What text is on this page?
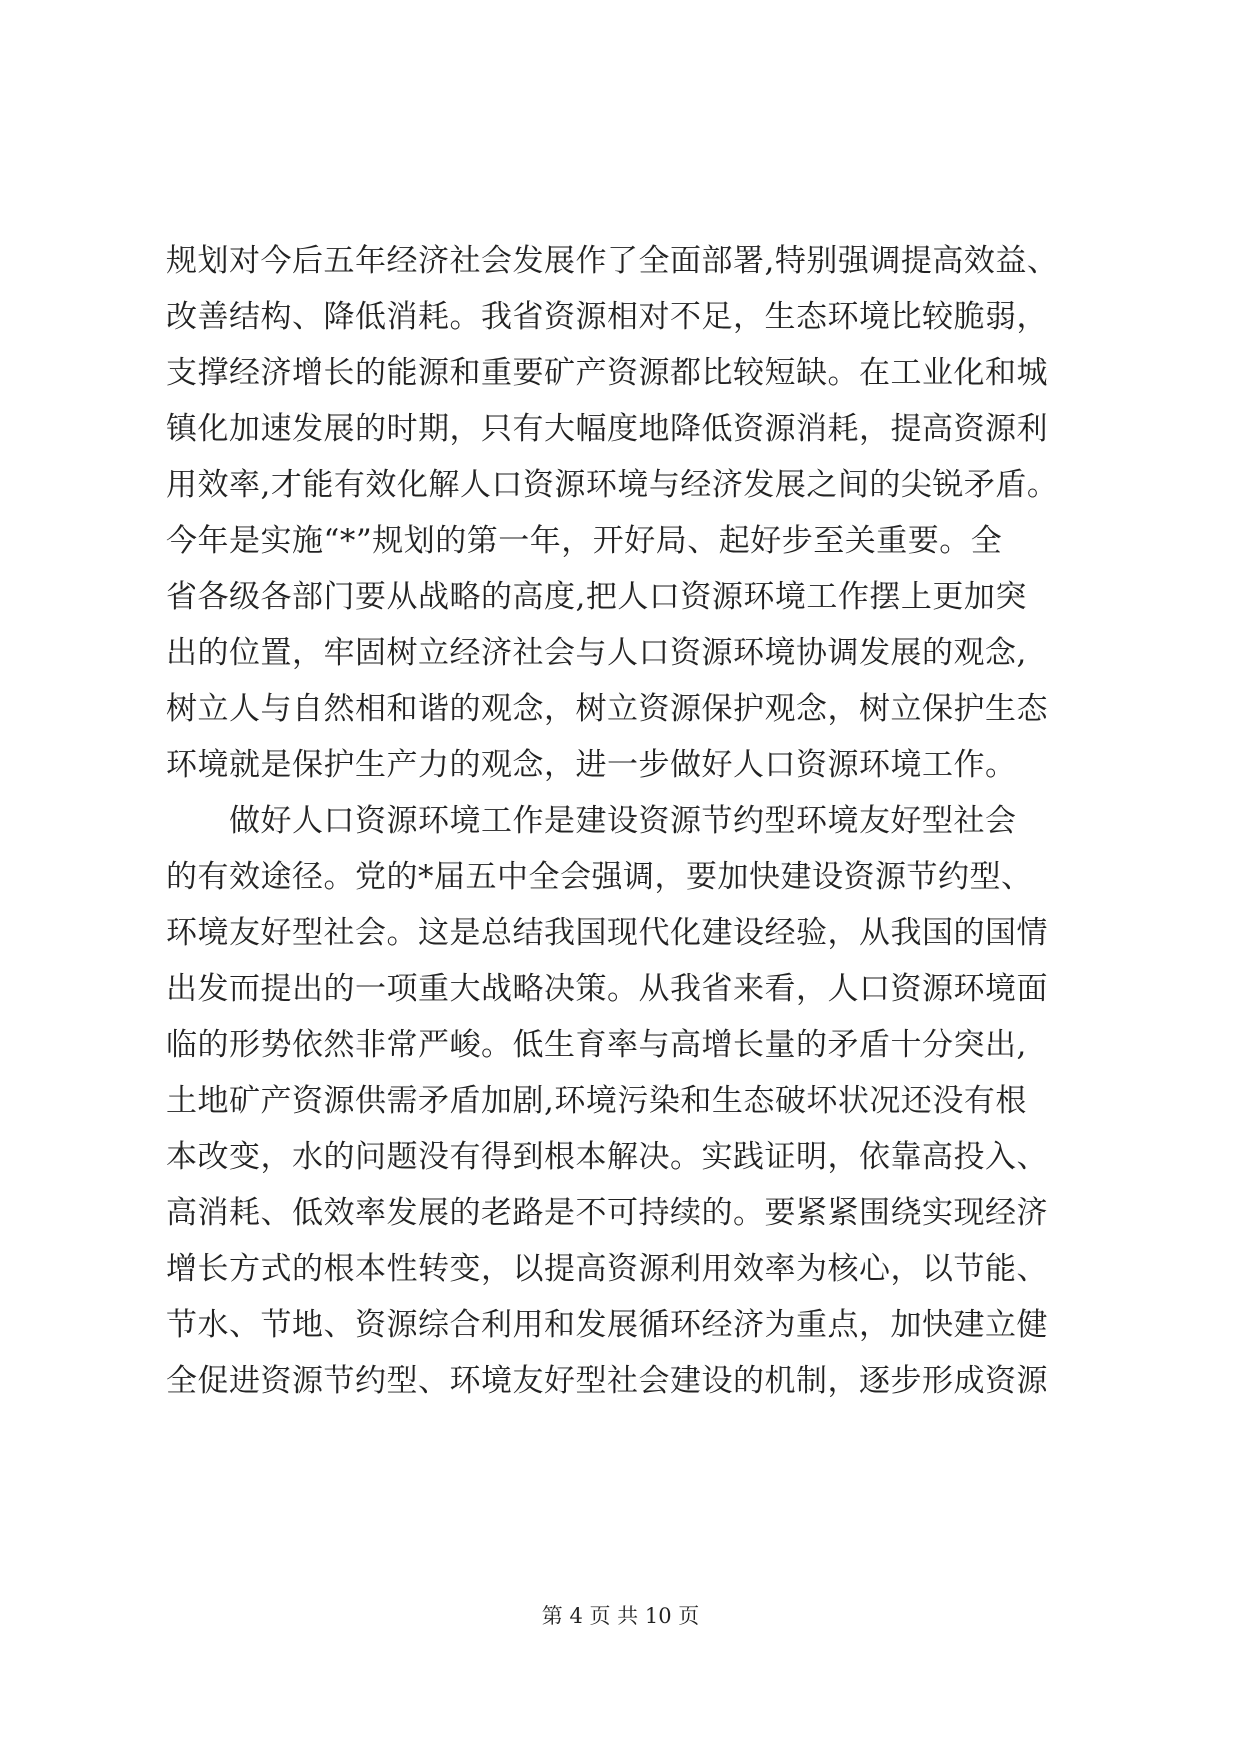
规划对今后五年经济社会发展作了全面部署,特别强调提高效益、
改善结构、降低消耗。我省资源相对不足，生态环境比较脆弱，
支撑经济增长的能源和重要矿产资源都比较短缺。在工业化和城
镇化加速发展的时期，只有大幅度地降低资源消耗，提高资源利
用效率,才能有效化解人口资源环境与经济发展之间的尖锐矛盾。
今年是实施“*”规划的第一年，开好局、起好步至关重要。全
省各级各部门要从战略的高度,把人口资源环境工作摆上更加突
出的位置，牢固树立经济社会与人口资源环境协调发展的观念,
树立人与自然相和谐的观念，树立资源保护观念，树立保护生态
环境就是保护生产力的观念，进一步做好人口资源环境工作。
　　做好人口资源环境工作是建设资源节约型环境友好型社会
的有效途径。党的*届五中全会强调，要加快建设资源节约型、
环境友好型社会。这是总结我国现代化建设经验，从我国的国情
出发而提出的一项重大战略决策。从我省来看，人口资源环境面
临的形势依然非常严峻。低生育率与高增长量的矛盾十分突出,
土地矿产资源供需矛盾加剧,环境污染和生态破坏状况还没有根
本改变，水的问题没有得到根本解决。实践证明，依靠高投入、
高消耗、低效率发展的老路是不可持续的。要紧紧围绕实现经济
增长方式的根本性转变，以提高资源利用效率为核心，以节能、
节水、节地、资源综合利用和发展循环经济为重点，加快建立健
全促进资源节约型、环境友好型社会建设的机制，逐步形成资源
第 4 页 共 10 页
